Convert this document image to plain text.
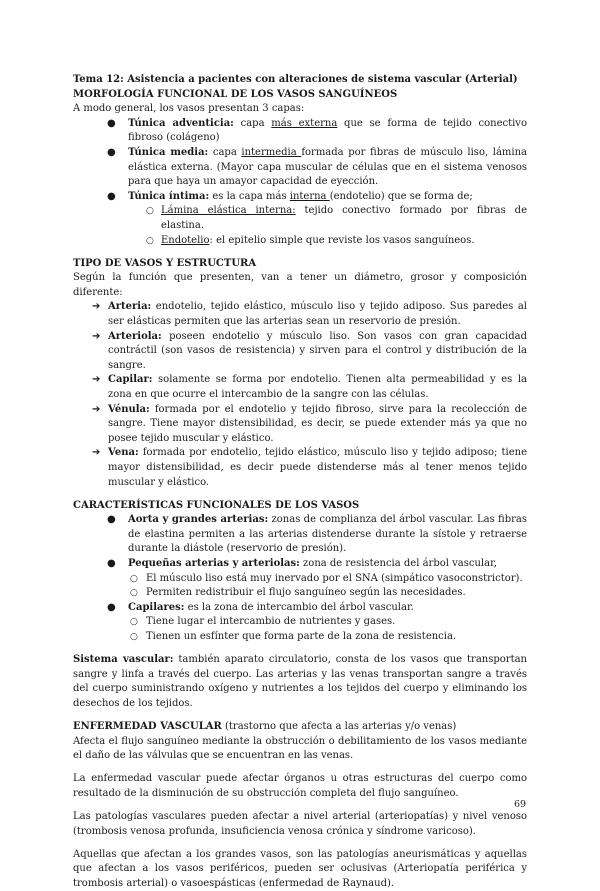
Tema 12: Asistencia a pacientes con alteraciones de sistema vascular (Arterial)

MORFOLOGÍA FUNCIONAL DE LOS VASOS SANGUÍNEOS

A modo general, los vasos presentan 3 capas:

● Túnica adventicia: capa más externa que se forma de tejido conectivo fibroso (colágeno)
● Túnica media: capa intermedia formada por fibras de músculo liso, lámina elástica externa. (Mayor capa muscular de células que en el sistema venosos para que haya un amayor capacidad de eyección.
● Túnica íntima: es la capa más interna (endotelio) que se forma de;
○ Lámina elástica interna: tejido conectivo formado por fibras de elastina.
○ Endotelio: el epitelio simple que reviste los vasos sanguíneos.

TIPO DE VASOS Y ESTRUCTURA

Según la función que presenten, van a tener un diámetro, grosor y composición diferente:

➔ Arteria: endotelio, tejido elástico, músculo liso y tejido adiposo. Sus paredes al ser elásticas permiten que las arterias sean un reservorio de presión.
➔ Arteriola: poseen endotelio y músculo liso. Son vasos con gran capacidad contráctil (son vasos de resistencia) y sirven para el control y distribución de la sangre.
➔ Capilar: solamente se forma por endotelio. Tienen alta permeabilidad y es la zona en que ocurre el intercambio de la sangre con las células.
➔ Vénula: formada por el endotelio y tejido fibroso, sirve para la recolección de sangre. Tiene mayor distensibilidad, es decir, se puede extender más ya que no posee tejido muscular y elástico.
➔ Vena: formada por endotelio, tejido elástico, músculo liso y tejido adiposo; tiene mayor distensibilidad, es decir puede distenderse más al tener menos tejido muscular y elástico.

CARACTERÍSTICAS FUNCIONALES DE LOS VASOS

● Aorta y grandes arterias: zonas de complianza del árbol vascular. Las fibras de elastina permiten a las arterias distenderse durante la sístole y retraerse durante la diástole (reservorio de presión).
● Pequeñas arterias y arteriolas: zona de resistencia del árbol vascular,
○ El músculo liso está muy inervado por el SNA (simpático vasoconstrictor).
○ Permiten redistribuir el flujo sanguíneo según las necesidades.
● Capilares: es la zona de intercambio del árbol vascular.
○ Tiene lugar el intercambio de nutrientes y gases.
○ Tienen un esfínter que forma parte de la zona de resistencia.

Sistema vascular: también aparato circulatorio, consta de los vasos que transportan sangre y linfa a través del cuerpo. Las arterias y las venas transportan sangre a través del cuerpo suministrando oxígeno y nutrientes a los tejidos del cuerpo y eliminando los desechos de los tejidos.

ENFERMEDAD VASCULAR (trastorno que afecta a las arterias y/o venas)

Afecta el flujo sanguíneo mediante la obstrucción o debilitamiento de los vasos mediante el daño de las válvulas que se encuentran en las venas.

La enfermedad vascular puede afectar órganos u otras estructuras del cuerpo como resultado de la disminución de su obstrucción completa del flujo sanguíneo.

Las patologías vasculares pueden afectar a nivel arterial (arteriopatías) y nivel venoso (trombosis venosa profunda, insuficiencia venosa crónica y síndrome varicoso).

Aquellas que afectan a los grandes vasos, son las patologías aneurismáticas y aquellas que afectan a los vasos periféricos, pueden ser oclusivas (Arteriopatía periférica y trombosis arterial) o vasoespásticas (enfermedad de Raynaud).

69
